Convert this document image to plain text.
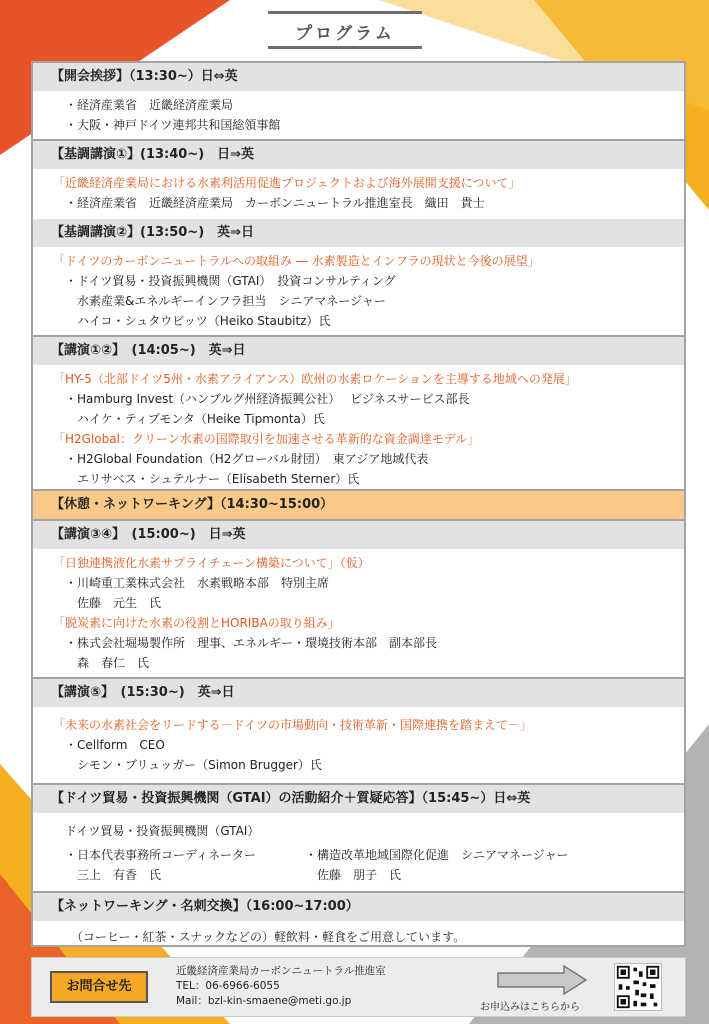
プログラム
【開会挨拶】（13:30~）日⇔英
・経済産業省　近畿経済産業局
・大阪・神戸ドイツ連邦共和国総領事館
【基調講演①】(13:40~)　日⇒英
「近畿経済産業局における水素利活用促進プロジェクトおよび海外展開支援について」
・経済産業省　近畿経済産業局　カーボンニュートラル推進室長　織田　貴士
【基調講演②】(13:50~)　英⇒日
「ドイツのカーボンニュートラルへの取組み ― 水素製造とインフラの現状と今後の展望」
・ドイツ貿易・投資振興機関（GTAI）　投資コンサルティング
水素産業&エネルギーインフラ担当　シニアマネージャー
ハイコ・シュタウビッツ（Heiko Staubitz）氏
【講演①②】　(14:05~)　英⇒日
「HY-5（北部ドイツ5州・水素アライアンス）欧州の水素ロケーションを主導する地域への発展」
・Hamburg Invest（ハンブルグ州経済振興公社）　 ビジネスサービス部長
ハイケ・ティプモンタ（Heike Tipmonta）氏
「H2Global：クリーン水素の国際取引を加速させる革新的な資金調達モデル」
・H2Global Foundation（H2グローバル財団）　東アジア地域代表
エリサベス・シュテルナー（Elisabeth Sterner）氏
【休憩・ネットワーキング】（14:30~15:00）
【講演③④】　(15:00~)　日⇒英
「日独連携液化水素サプライチェーン構築について」（仮）
・川崎重工業株式会社　水素戦略本部　特別主席
佐藤　元生　氏
「脱炭素に向けた水素の役割とHORIBAの取り組み」
・株式会社堀場製作所　理事、エネルギー・環境技術本部　副本部長
森　春仁　氏
【講演⑤】　(15:30~)　英⇒日
「未来の水素社会をリードする－ドイツの市場動向・技術革新・国際連携を踏まえて－」
・Cellform　CEO
シモン・ブリュッガー（Simon Brugger）氏
【ドイツ貿易・投資振興機関（GTAI）の活動紹介＋質疑応答】（15:45~）日⇔英
ドイツ貿易・投資振興機関（GTAI）
・日本代表事務所コーディネーター	・構造改革地域国際化促進　シニアマネージャー
三上　有香　氏	佐藤　朋子　氏
【ネットワーキング・名刺交換】（16:00~17:00）
（コーヒー・紅茶・スナックなどの）軽飲料・軽食をご用意しています。
お問合せ先
近畿経済産業局カーボンニュートラル推進室
TEL：06-6966-6055
Mail：bzl-kin-smaene@meti.go.jp
お申込みはこちらから
